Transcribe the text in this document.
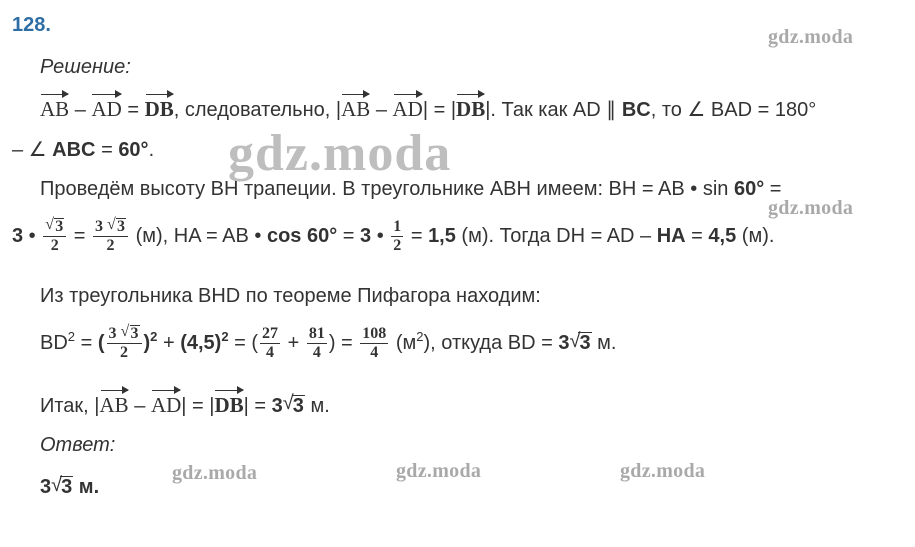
gdz.moda
gdz.moda
gdz.moda
gdz.moda	gdz.moda	gdz.moda
128.
Решение:
AB – AD = DB, следовательно, |AB – AD| = |DB|. Так как AD ∥ BC, то ∠ BAD = 180°
– ∠ ABC = 60°.
Проведём высоту BH трапеции. В треугольнике ABH имеем: BH = AB • sin 60° =
3 • $\frac{√ 3}{2} = \frac{3 √ 3}{2} (м)$, HA = AB • cos 60° = 3 • $\frac{1}{2} = 1,5$ (м). Тогда DH = AD – HA = 4,5 (м).
Из треугольника BHD по теореме Пифагора находим:
$BD^2$ = ( $\frac{3 √ 3}{2} )^2 + (4,5)^2$ = ( $\frac{27}{4} + \frac{81}{4}$ ) = $\frac{108}{4} (м^2)$, откуда BD = 3 √ 3 м.
Итак, |AB – AD| = |DB| = 3 √ 3 м.
Ответ:
3 √ 3 м.
